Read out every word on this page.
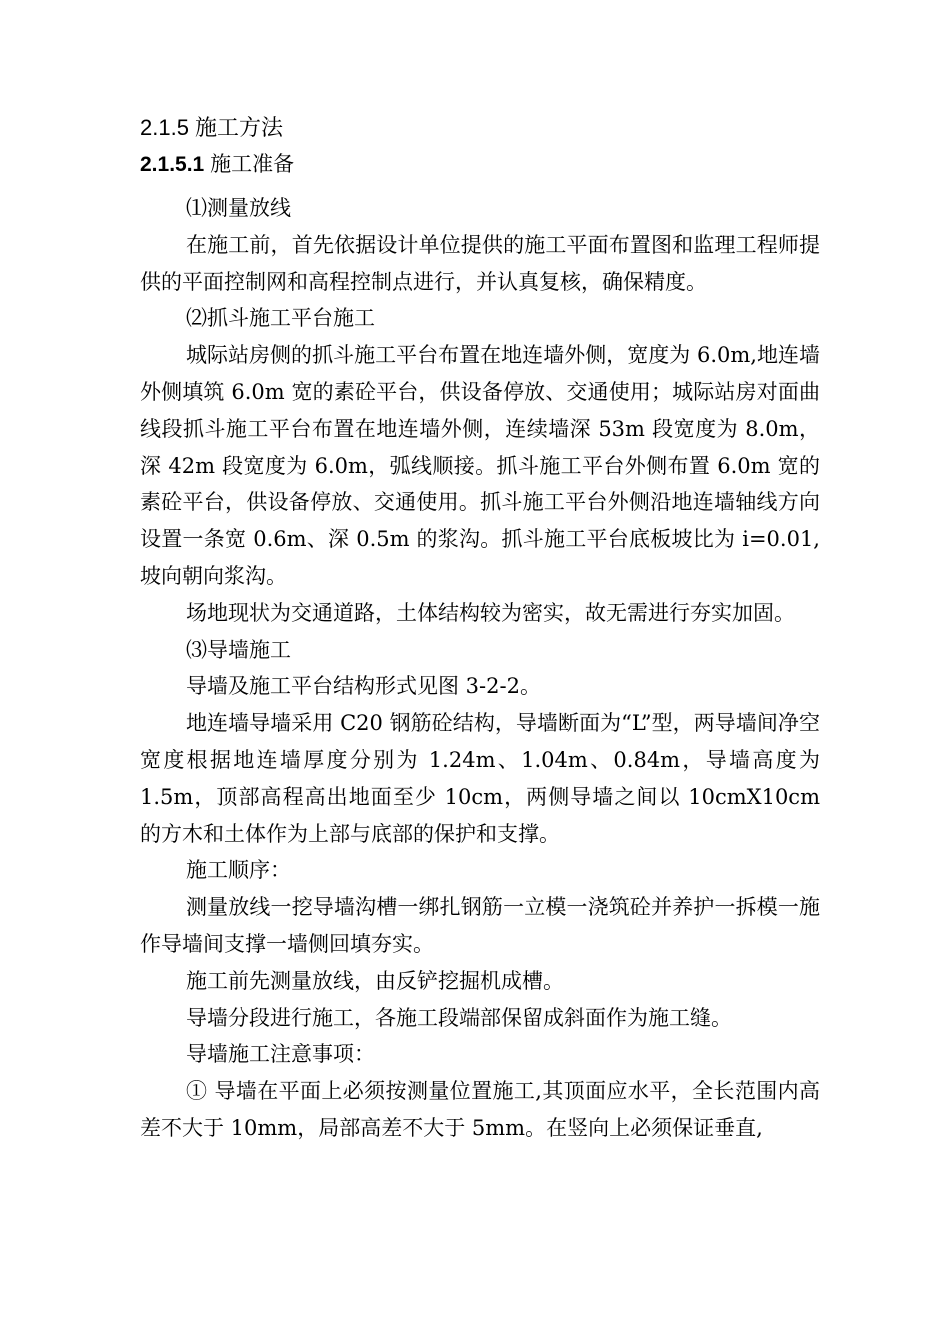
2.1.5 施工方法
2.1.5.1 施工准备

⑴测量放线

在施工前，首先依据设计单位提供的施工平面布置图和监理工程师提供的平面控制网和高程控制点进行，并认真复核，确保精度。

⑵抓斗施工平台施工

城际站房侧的抓斗施工平台布置在地连墙外侧，宽度为 6.0m,地连墙外侧填筑 6.0m 宽的素砼平台，供设备停放、交通使用；城际站房对面曲线段抓斗施工平台布置在地连墙外侧，连续墙深 53m 段宽度为 8.0m，深 42m 段宽度为 6.0m，弧线顺接。抓斗施工平台外侧布置 6.0m 宽的素砼平台，供设备停放、交通使用。抓斗施工平台外侧沿地连墙轴线方向设置一条宽 0.6m、深 0.5m 的浆沟。抓斗施工平台底板坡比为 i=0.01,坡向朝向浆沟。

场地现状为交通道路，土体结构较为密实，故无需进行夯实加固。

⑶导墙施工

导墙及施工平台结构形式见图 3-2-2。

地连墙导墙采用 C20 钢筋砼结构，导墙断面为“L”型，两导墙间净空宽度根据地连墙厚度分别为 1.24m、1.04m、0.84m，导墙高度为 1.5m，顶部高程高出地面至少 10cm，两侧导墙之间以 10cmX10cm 的方木和土体作为上部与底部的保护和支撑。

施工顺序：

测量放线一挖导墙沟槽一绑扎钢筋一立模一浇筑砼并养护一拆模一施作导墙间支撑一墙侧回填夯实。

施工前先测量放线，由反铲挖掘机成槽。

导墙分段进行施工，各施工段端部保留成斜面作为施工缝。

导墙施工注意事项：

① 导墙在平面上必须按测量位置施工,其顶面应水平，全长范围内高差不大于 10mm，局部高差不大于 5mm。在竖向上必须保证垂直,
